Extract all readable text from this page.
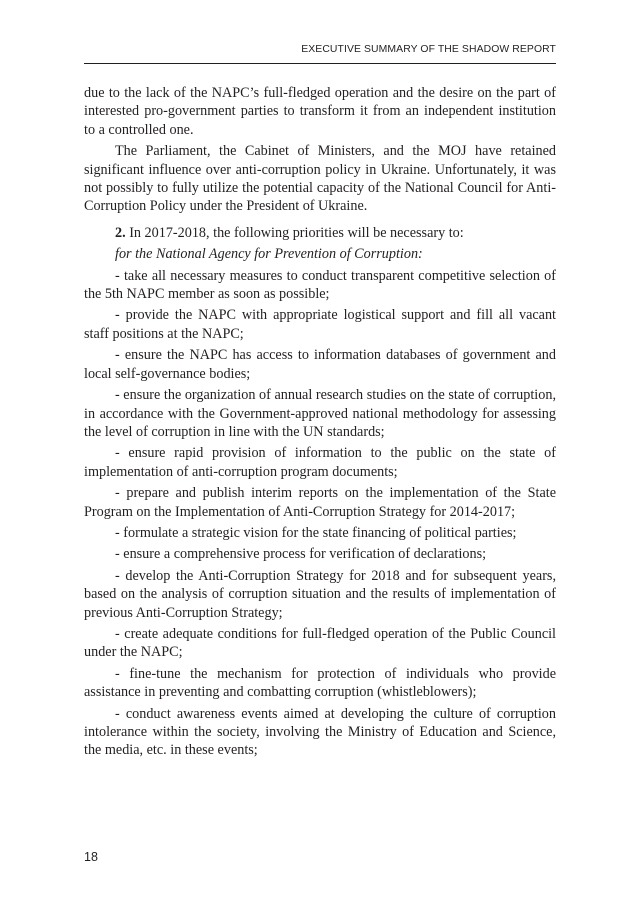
EXECUTIVE SUMMARY OF THE SHADOW REPORT

due to the lack of the NAPC’s full-fledged operation and the desire on the part of interested pro-government parties to transform it from an independent institution to a controlled one.

The Parliament, the Cabinet of Ministers, and the MOJ have retained significant influence over anti-corruption policy in Ukraine. Unfortunately, it was not possibly to fully utilize the potential capacity of the National Council for Anti-Corruption Policy under the President of Ukraine.

2. In 2017-2018, the following priorities will be necessary to:

for the National Agency for Prevention of Corruption:

- take all necessary measures to conduct transparent competitive selection of the 5th NAPC member as soon as possible;

- provide the NAPC with appropriate logistical support and fill all vacant staff positions at the NAPC;

- ensure the NAPC has access to information databases of government and local self-governance bodies;

- ensure the organization of annual research studies on the state of corruption, in accordance with the Government-approved national methodology for assessing the level of corruption in line with the UN standards;

- ensure rapid provision of information to the public on the state of implementation of anti-corruption program documents;

- prepare and publish interim reports on the implementation of the State Program on the Implementation of Anti-Corruption Strategy for 2014-2017;

- formulate a strategic vision for the state financing of political parties;

- ensure a comprehensive process for verification of declarations;

- develop the Anti-Corruption Strategy for 2018 and for subsequent years, based on the analysis of corruption situation and the results of implementation of previous Anti-Corruption Strategy;

- create adequate conditions for full-fledged operation of the Public Council under the NAPC;

- fine-tune the mechanism for protection of individuals who provide assistance in preventing and combatting corruption (whistleblowers);

- conduct awareness events aimed at developing the culture of corruption intolerance within the society, involving the Ministry of Education and Science, the media, etc. in these events;

18
